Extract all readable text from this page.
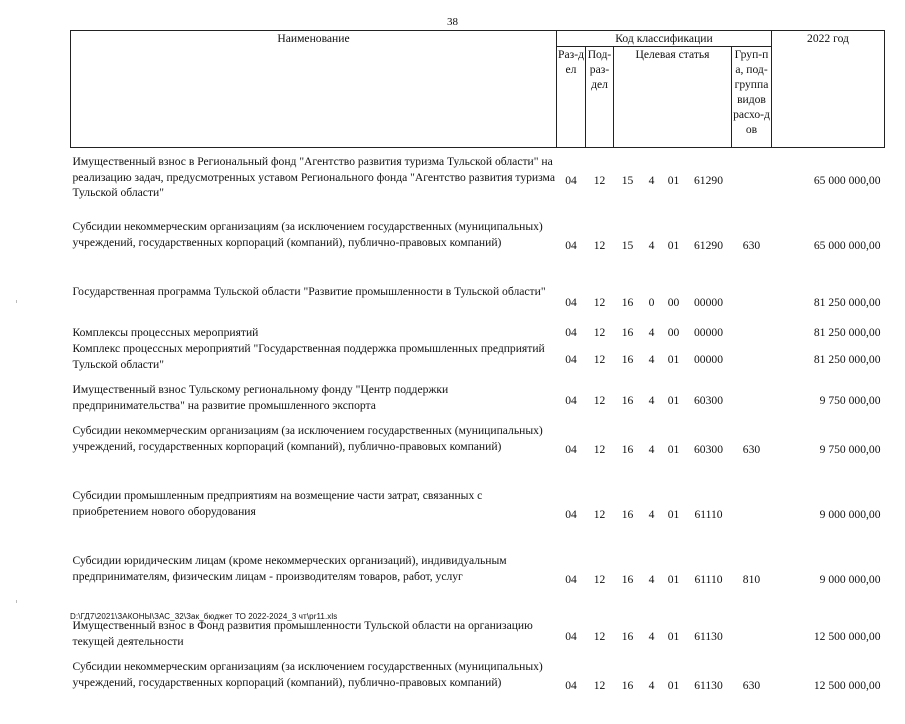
38
Наименование	Код классификации							2022 год
	Раз-дел	Под-раз-дел	Целевая статья				Груп-па, под-группа видов расхо-дов	

Имущественный взнос в Региональный фонд "Агентство развития туризма Тульской области" на реализацию задач, предусмотренных уставом Регионального фонда "Агентство развития туризма Тульской области"	04	12	15	4	01	61290		65 000 000,00
Субсидии некоммерческим организациям (за исключением государственных (муниципальных) учреждений, государственных корпораций (компаний), публично-правовых компаний)	04	12	15	4	01	61290	630	65 000 000,00
Государственная программа Тульской области "Развитие промышленности в Тульской области"	04	12	16	0	00	00000		81 250 000,00
Комплексы процессных мероприятий	04	12	16	4	00	00000		81 250 000,00
Комплекс процессных мероприятий "Государственная поддержка промышленных предприятий Тульской области"	04	12	16	4	01	00000		81 250 000,00
Имущественный взнос Тульскому региональному фонду "Центр поддержки предпринимательства" на развитие промышленного экспорта	04	12	16	4	01	60300		9 750 000,00
Субсидии некоммерческим организациям (за исключением государственных (муниципальных) учреждений, государственных корпораций (компаний), публично-правовых компаний)	04	12	16	4	01	60300	630	9 750 000,00
Субсидии промышленным предприятиям на возмещение части затрат, связанных с приобретением нового оборудования	04	12	16	4	01	61110		9 000 000,00
Субсидии юридическим лицам (кроме некоммерческих организаций), индивидуальным предпринимателям, физическим лицам - производителям товаров, работ, услуг	04	12	16	4	01	61110	810	9 000 000,00
Имущественный взнос в Фонд развития промышленности Тульской области на организацию текущей деятельности	04	12	16	4	01	61130		12 500 000,00
Субсидии некоммерческим организациям (за исключением государственных (муниципальных) учреждений, государственных корпораций (компаний), публично-правовых компаний)	04	12	16	4	01	61130	630	12 500 000,00
D:\ГД7\2021\ЗАКОНЫ\ЗАС_32\Зак_бюджет ТО 2022-2024_3 чт\pr11.xls
